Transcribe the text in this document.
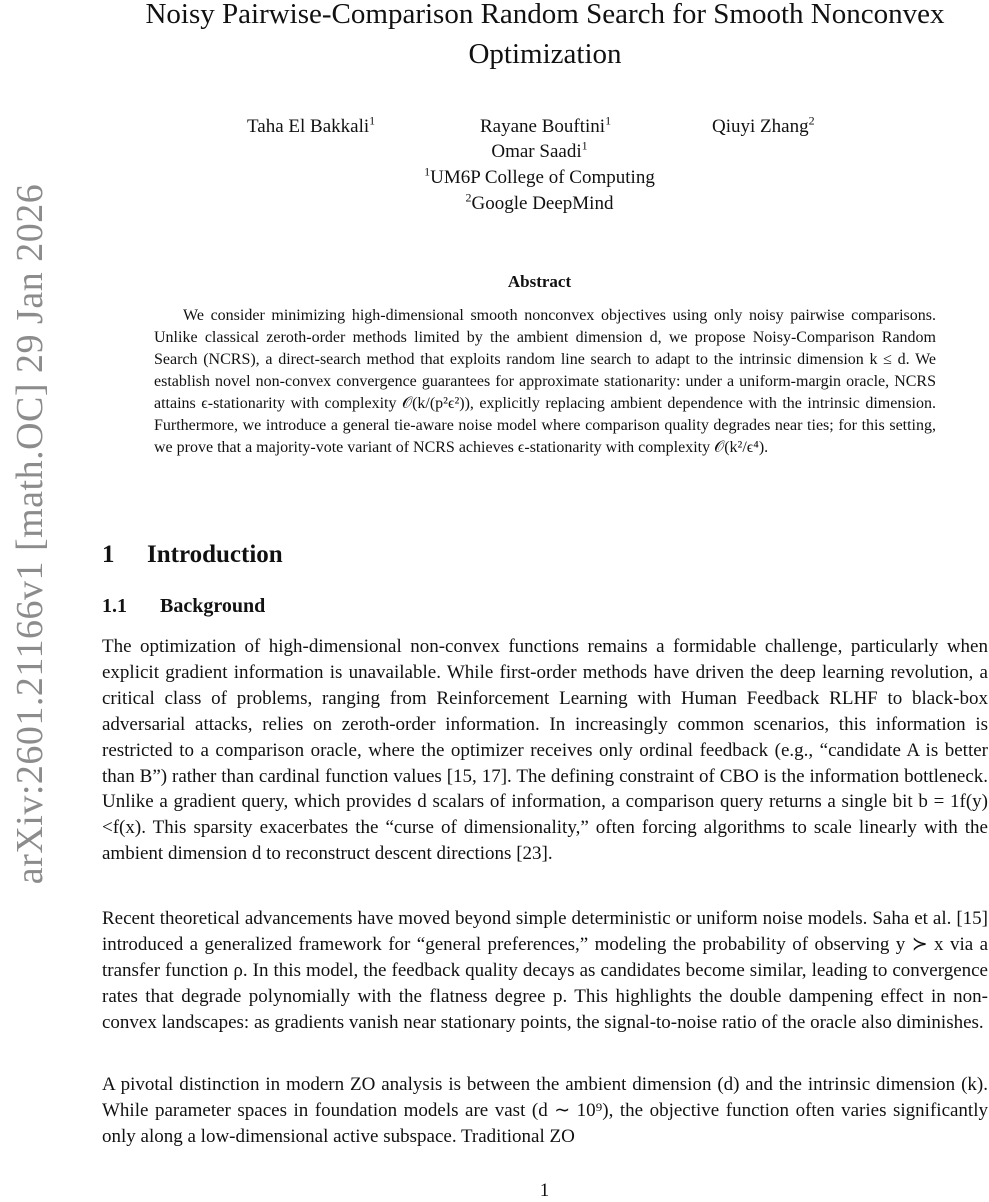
arXiv:2601.21166v1 [math.OC] 29 Jan 2026
Noisy Pairwise-Comparison Random Search for Smooth Nonconvex Optimization
Taha El Bakkali$^1$	Rayane Bouftini$^1$	Qiuyi Zhang$^2$
Omar Saadi$^1$
$^1$UM6P College of Computing
$^2$Google DeepMind
Abstract

We consider minimizing high-dimensional smooth nonconvex objectives using only noisy pairwise comparisons. Unlike classical zeroth-order methods limited by the ambient dimension d, we propose Noisy-Comparison Random Search (NCRS), a direct-search method that exploits random line search to adapt to the intrinsic dimension k ≤ d. We establish novel non-convex convergence guarantees for approximate stationarity: under a uniform-margin oracle, NCRS attains ϵ-stationarity with complexity 𝒪(k/(p²ϵ²)), explicitly replacing ambient dependence with the intrinsic dimension. Furthermore, we introduce a general tie-aware noise model where comparison quality degrades near ties; for this setting, we prove that a majority-vote variant of NCRS achieves ϵ-stationarity with complexity 𝒪(k²/ϵ⁴).

1 Introduction
1.1 Background

The optimization of high-dimensional non-convex functions remains a formidable challenge, particularly when explicit gradient information is unavailable. While first-order methods have driven the deep learning revolution, a critical class of problems, ranging from Reinforcement Learning with Human Feedback RLHF to black-box adversarial attacks, relies on zeroth-order information. In increasingly common scenarios, this information is restricted to a comparison oracle, where the optimizer receives only ordinal feedback (e.g., “candidate A is better than B”) rather than cardinal function values [15, 17]. The defining constraint of CBO is the information bottleneck. Unlike a gradient query, which provides d scalars of information, a comparison query returns a single bit b = 1f(y)<f(x). This sparsity exacerbates the “curse of dimensionality,” often forcing algorithms to scale linearly with the ambient dimension d to reconstruct descent directions [23].

Recent theoretical advancements have moved beyond simple deterministic or uniform noise models. Saha et al. [15] introduced a generalized framework for “general preferences,” modeling the probability of observing y ≻ x via a transfer function ρ. In this model, the feedback quality decays as candidates become similar, leading to convergence rates that degrade polynomially with the flatness degree p. This highlights the double dampening effect in non-convex landscapes: as gradients vanish near stationary points, the signal-to-noise ratio of the oracle also diminishes.

A pivotal distinction in modern ZO analysis is between the ambient dimension (d) and the intrinsic dimension (k). While parameter spaces in foundation models are vast (d ∼ 10⁹), the objective function often varies significantly only along a low-dimensional active subspace. Traditional ZO

1
